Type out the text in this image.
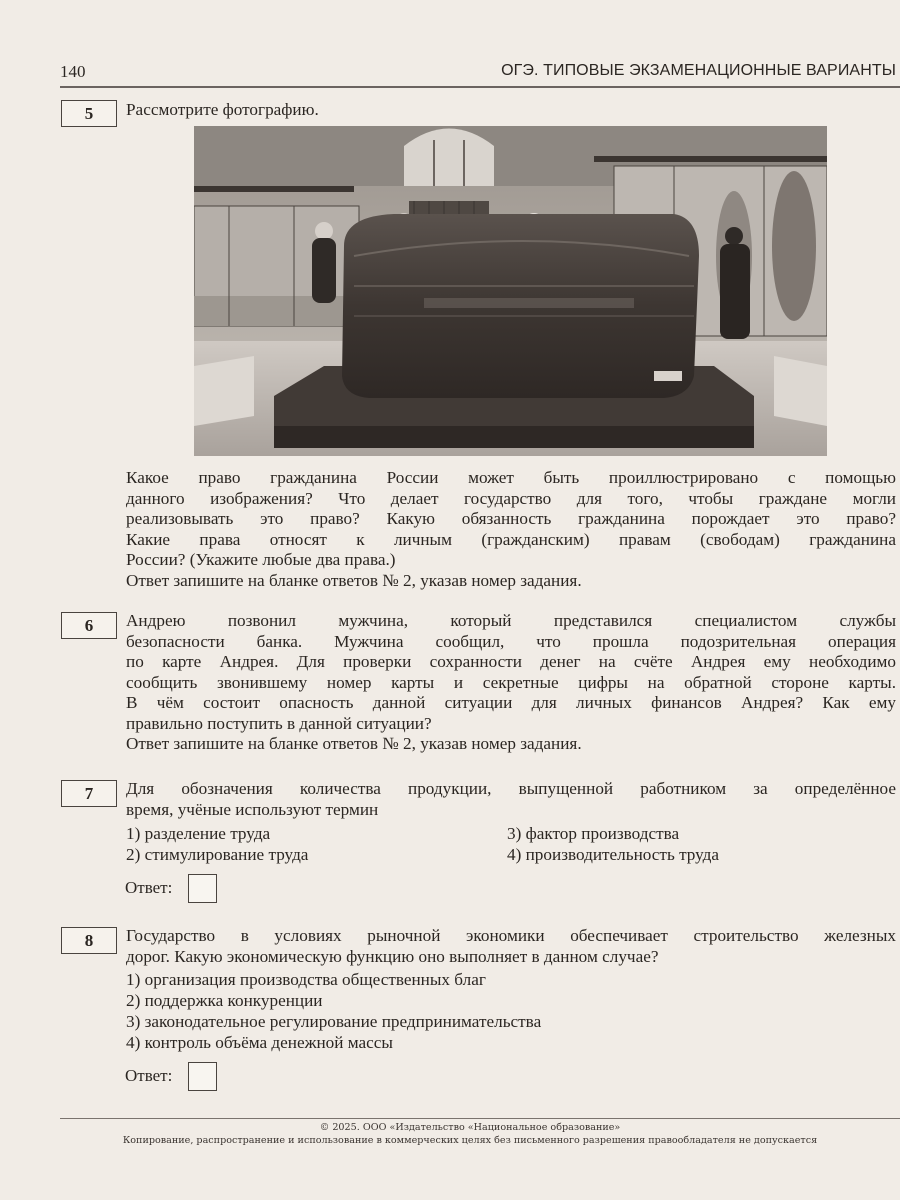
140	ОГЭ. ТИПОВЫЕ ЭКЗАМЕНАЦИОННЫЕ ВАРИАНТЫ
5	Рассмотрите фотографию.

Какое право гражданина России может быть проиллюстрировано с помощью

данного изображения? Что делает государство для того, чтобы граждане могли

реализовывать это право? Какую обязанность гражданина порождает это право?

Какие права относят к личным (гражданским) правам (свободам) гражданина

России? (Укажите любые два права.)

Ответ запишите на бланке ответов № 2, указав номер задания.

6	Андрею позвонил мужчина, который представился специалистом службы

безопасности банка. Мужчина сообщил, что прошла подозрительная операция

по карте Андрея. Для проверки сохранности денег на счёте Андрея ему необходимо

сообщить звонившему номер карты и секретные цифры на обратной стороне карты.

В чём состоит опасность данной ситуации для личных финансов Андрея? Как ему

правильно поступить в данной ситуации?

Ответ запишите на бланке ответов № 2, указав номер задания.

7	Для обозначения количества продукции, выпущенной работником за определённое

время, учёные используют термин

1) разделение труда
2) стимулирование труда
3) фактор производства
4) производительность труда
Ответ:
8	Государство в условиях рыночной экономики обеспечивает строительство железных

дорог. Какую экономическую функцию оно выполняет в данном случае?

1) организация производства общественных благ
2) поддержка конкуренции
3) законодательное регулирование предпринимательства
4) контроль объёма денежной массы
Ответ:
© 2025. ООО «Издательство «Национальное образование»
Копирование, распространение и использование в коммерческих целях без письменного разрешения правообладателя не допускается
